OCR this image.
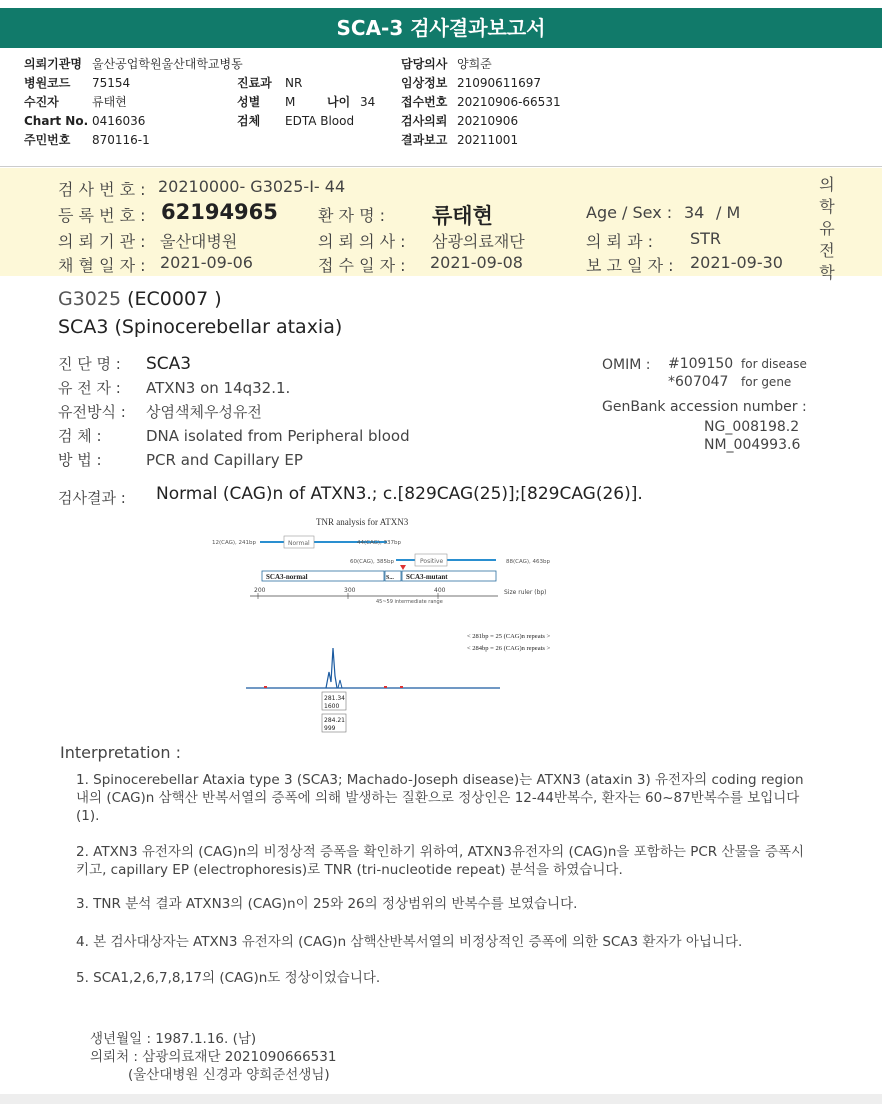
SCA-3 검사결과보고서
의뢰기관명 울산공업학원울산대학교병동
병원코드 75154
수진자	류태현
Chart No. 0416036
주민번호 870116-1
진료과 NR
성별 M	나이 34
검체 EDTA Blood
담당의사 양희준
임상정보 21090611697
접수번호 20210906-66531
검사의뢰 20210906
결과보고 20211001
검 사 번 호 : 20210000- G3025-I- 44
등 록 번 호 : 62194965	환 자 명 : 류태현	Age / Sex : 34 / M
의 뢰 기 관 : 울산대병원	의 뢰 의 사 : 삼광의료재단	의 뢰 과 : STR
채 혈 일 자 : 2021-09-06	접 수 일 자 : 2021-09-08	보 고 일 자 : 2021-09-30
의
학
유
전
학
G3025 (EC0007 )
SCA3 (Spinocerebellar ataxia)
진 단 명 : SCA3
유 전 자 : ATXN3 on 14q32.1.
유전방식 : 상염색체우성유전
검 체 :	DNA isolated from Peripheral blood
방 법 :	PCR and Capillary EP
OMIM : #109150 for disease
*607047 for gene
GenBank accession number :
NG_008198.2
NM_004993.6
검사결과 : Normal (CAG)n of ATXN3.; c.[829CAG(25)];[829CAG(26)].
TNR analysis for ATXN3
Normal
12(CAG), 241bp	44(CAG), 337bp
Positive
60(CAG), 385bp	88(CAG), 463bp
SCA3-normal	S... SCA3-mutant
200	300	400	Size ruler (bp)
45~59 intermediate range
< 281bp = 25 (CAG)n repeats >
< 284bp = 26 (CAG)n repeats >
281.34
1600
284.21
999
Interpretation :

1. Spinocerebellar Ataxia type 3 (SCA3; Machado-Joseph disease)는 ATXN3 (ataxin 3) 유전자의 coding region 내의 (CAG)n 삼핵산 반복서열의 증폭에 의해 발생하는 질환으로 정상인은 12-44반복수, 환자는 60~87반복수를 보입니다 (1).

2. ATXN3 유전자의 (CAG)n의 비정상적 증폭을 확인하기 위하여, ATXN3유전자의 (CAG)n을 포함하는 PCR 산물을 증폭시키고, capillary EP (electrophoresis)로 TNR (tri-nucleotide repeat) 분석을 하였습니다.

3. TNR 분석 결과 ATXN3의 (CAG)n이 25와 26의 정상범위의 반복수를 보였습니다.

4. 본 검사대상자는 ATXN3 유전자의 (CAG)n 삼핵산반복서열의 비정상적인 증폭에 의한 SCA3 환자가 아닙니다.

5. SCA1,2,6,7,8,17의 (CAG)n도 정상이었습니다.

생년월일 : 1987.1.16. (남)
의뢰처 : 삼광의료재단 2021090666531
(울산대병원 신경과 양희준선생님)
